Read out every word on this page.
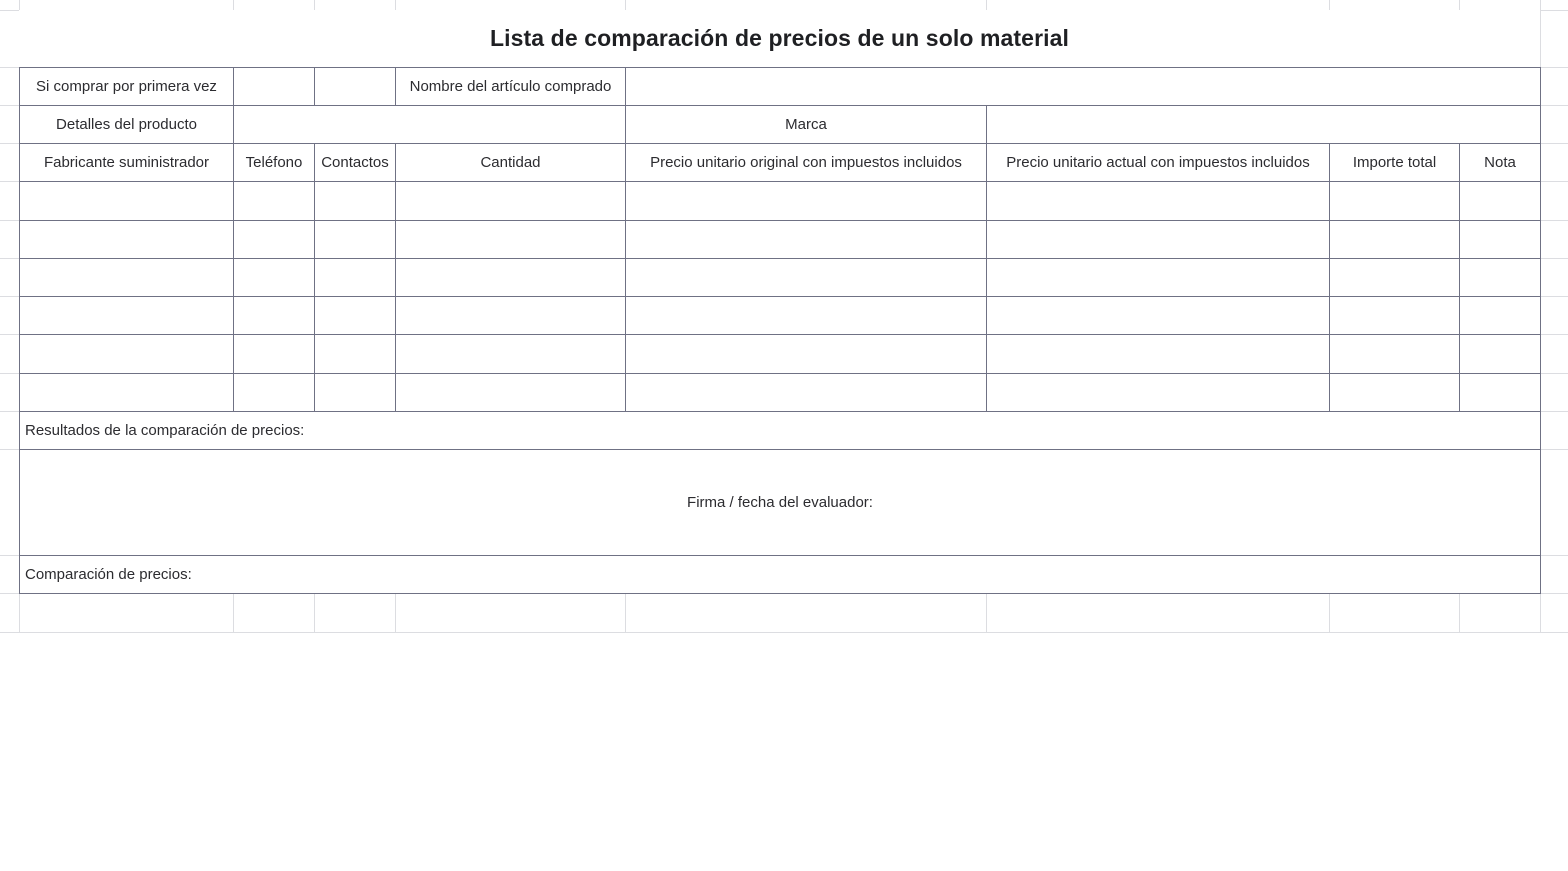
Lista de comparación de precios de un solo material
Si comprar por primera vez	Nombre del artículo comprado
Detalles del producto	Marca
Fabricante suministrador	Teléfono	Contactos	Cantidad	Precio unitario original con impuestos incluidos	Precio unitario actual con impuestos incluidos	Importe total	Nota
Resultados de la comparación de precios:
Firma / fecha del evaluador:
Comparación de precios:
